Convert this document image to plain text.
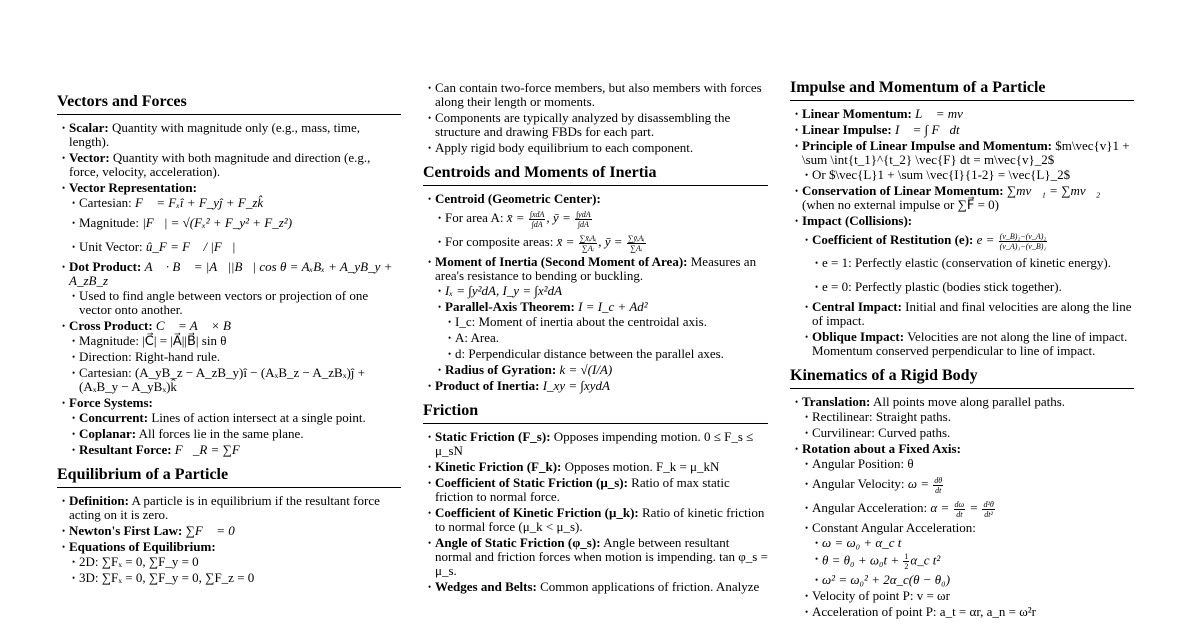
Vectors and Forces
• Scalar: Quantity with magnitude only (e.g., mass, time, length).
• Vector: Quantity with both magnitude and direction (e.g., force, velocity, acceleration).
• Vector Representation:
• Cartesian: F⃗ = Fₓî + F_yĵ + F_zk̂
• Magnitude: |F⃗| = √(Fₓ² + F_y² + F_z²)
• Unit Vector: û_F = F⃗ / |F⃗|
• Dot Product: A⃗ · B⃗ = |A⃗||B⃗| cos θ = AₓBₓ + A_yB_y + A_zB_z
• Used to find angle between vectors or projection of one vector onto another.
• Cross Product: C⃗ = A⃗ × B⃗
• Magnitude: |C⃗| = |A⃗||B⃗| sin θ
• Direction: Right-hand rule.
• Cartesian: (A_yB_z − A_zB_y)î − (AₓB_z − A_zBₓ)ĵ + (AₓB_y − A_yBₓ)k̂
• Force Systems:
• Concurrent: Lines of action intersect at a single point.
• Coplanar: All forces lie in the same plane.
• Resultant Force: F⃗_R = ∑F⃗
Equilibrium of a Particle
• Definition: A particle is in equilibrium if the resultant force acting on it is zero.
• Newton's First Law: ∑F⃗ = 0
• Equations of Equilibrium:
• 2D: ∑Fₓ = 0, ∑F_y = 0
• 3D: ∑Fₓ = 0, ∑F_y = 0, ∑F_z = 0
• Can contain two-force members, but also members with forces along their length or moments.
• Components are typically analyzed by disassembling the structure and drawing FBDs for each part.
• Apply rigid body equilibrium to each component.
Centroids and Moments of Inertia
• Centroid (Geometric Center):
• For area A: x̄ = $\frac{\text{∫xdA}}{\int dA}$ , ȳ = $\frac{\text{∫ydA}}{\int dA}$
• For composite areas: x̄ = $\frac{\text{∑x̄ᵢAᵢ}}{\text{∑Aᵢ}}$ , ȳ = $\frac{\text{∑ȳᵢAᵢ}}{\text{∑Aᵢ}}$
• Moment of Inertia (Second Moment of Area): Measures an area's resistance to bending or buckling.
• Iₓ = ∫y²dA, I_y = ∫x²dA
• Parallel-Axis Theorem: I = I_c + Ad²
• I_c: Moment of inertia about the centroidal axis.
• A: Area.
• d: Perpendicular distance between the parallel axes.
• Radius of Gyration: k = √(I/A)
• Product of Inertia: I_xy = ∫xydA
Friction
• Static Friction (F_s): Opposes impending motion. 0 ≤ F_s ≤ μ_sN
• Kinetic Friction (F_k): Opposes motion. F_k = μ_kN
• Coefficient of Static Friction (μ_s): Ratio of max static friction to normal force.
• Coefficient of Kinetic Friction (μ_k): Ratio of kinetic friction to normal force (μ_k < μ_s).
• Angle of Static Friction (φ_s): Angle between resultant normal and friction forces when motion is impending. tan φ_s = μ_s.
• Wedges and Belts: Common applications of friction. Analyze
Impulse and Momentum of a Particle
• Linear Momentum: L⃗ = mv⃗
• Linear Impulse: I⃗ = ∫ F⃗dt
• Principle of Linear Impulse and Momentum: $m\vec{v}1 + \sum \int{t_1}^{t_2} \vec{F} dt = m\vec{v}_2$
• Or $\vec{L}1 + \sum \vec{I}{1-2} = \vec{L}_2$
• Conservation of Linear Momentum: ∑mv⃗₁ = ∑mv⃗₂
(when no external impulse or ∑F⃗ = 0)
• Impact (Collisions):
• Coefficient of Restitution (e): $e = \frac{\text{(v\_B)₂−(v\_A)₂}}{\text{(v\_A)₁−(v\_B)₁}}$
• e = 1: Perfectly elastic (conservation of kinetic energy).
• e = 0: Perfectly plastic (bodies stick together).
• Central Impact: Initial and final velocities are along the line of impact.
• Oblique Impact: Velocities are not along the line of impact. Momentum conserved perpendicular to line of impact.
Kinematics of a Rigid Body
• Translation: All points move along parallel paths.
• Rectilinear: Straight paths.
• Curvilinear: Curved paths.
• Rotation about a Fixed Axis:
• Angular Position: θ
• Angular Velocity: $\omega = \frac{d\theta}{dt}$
• Angular Acceleration: $\alpha = \frac{d\omega}{dt} = \frac{\text{d²θ}}{\text{dt²}}$
• Constant Angular Acceleration:
• ω = ω₀ + α_c t
• $\theta = \theta_0 + \omega_0t + \frac{1}{2}$ α_c t²
• ω² = ω₀² + 2α_c(θ − θ₀)
• Velocity of point P: v = ωr
• Acceleration of point P: a_t = αr, a_n = ω²r
